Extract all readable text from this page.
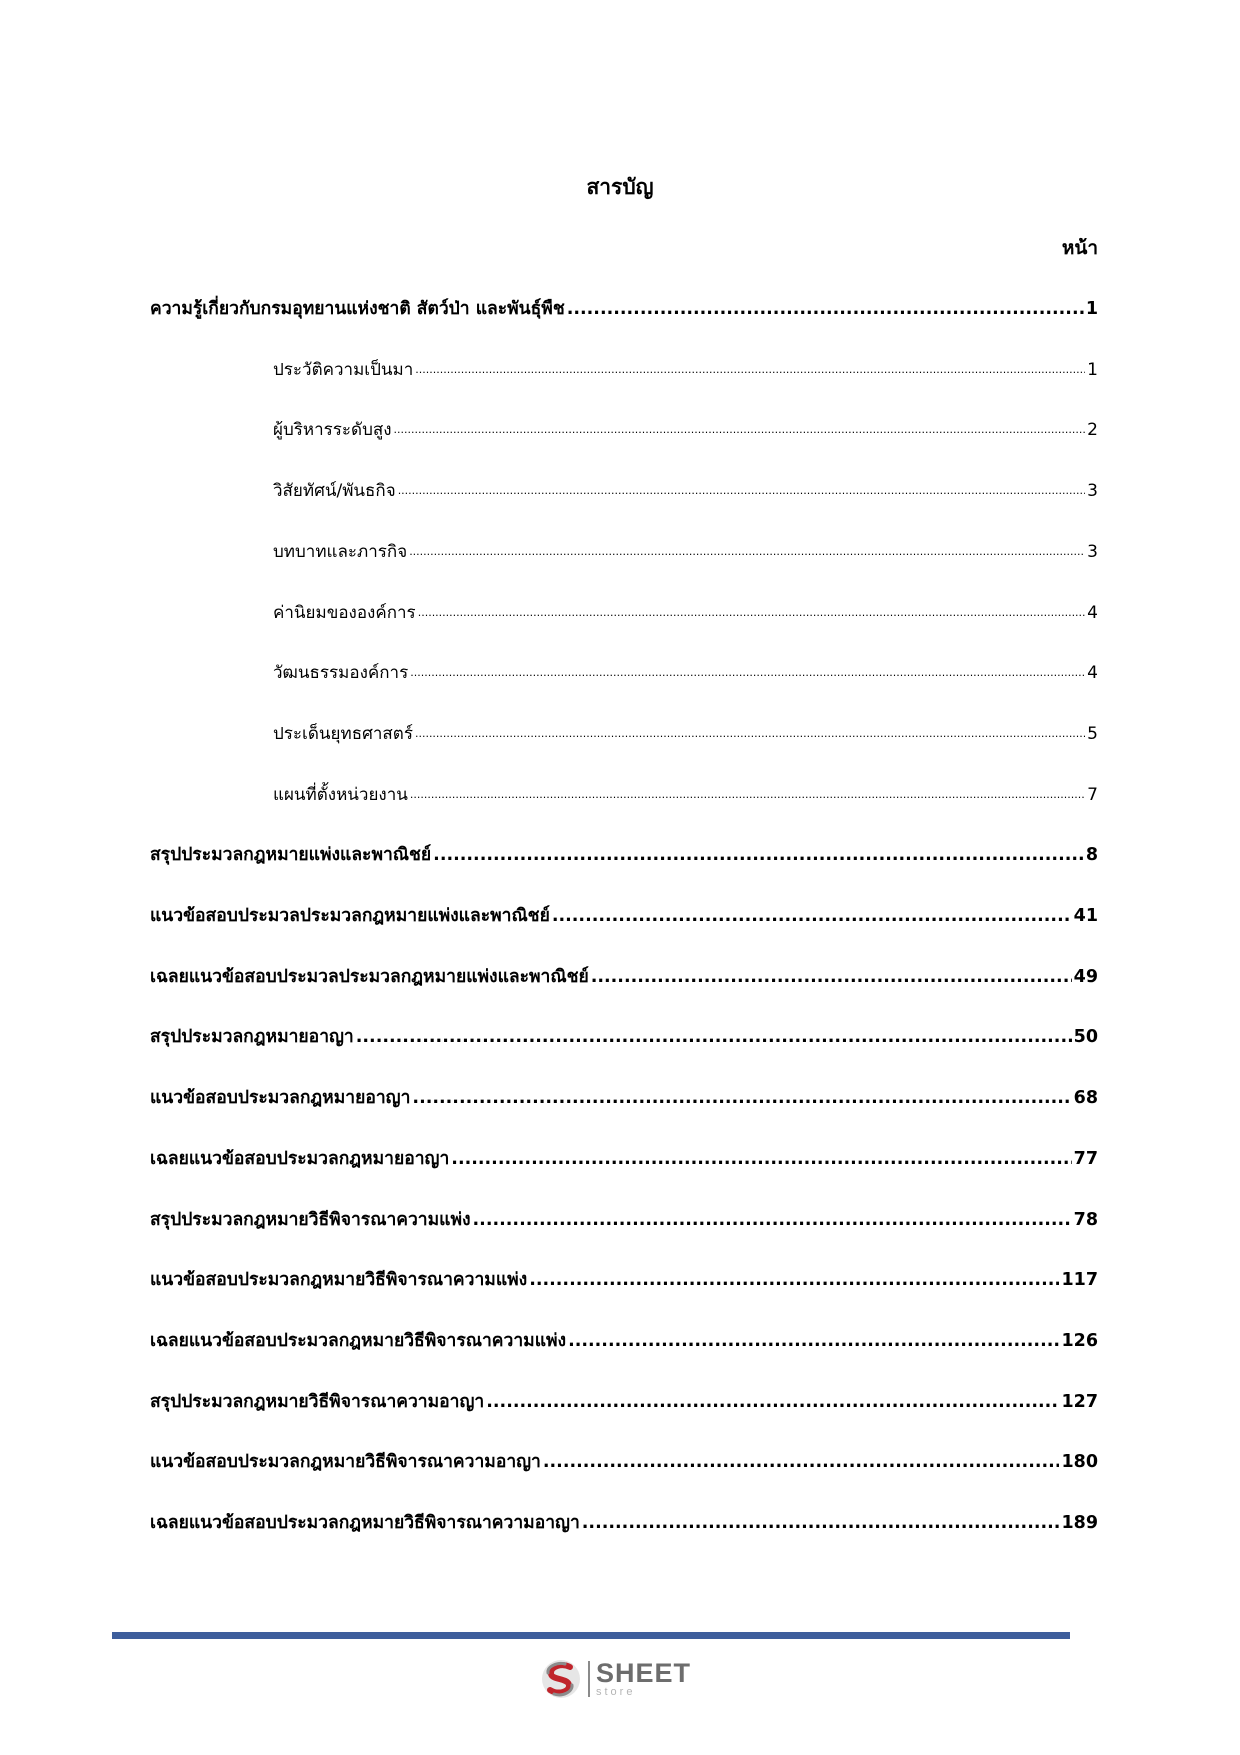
สารบัญ
หน้า
ความรู้เกี่ยวกับกรมอุทยานแห่งชาติ สัตว์ป่า และพันธุ์พืช .....	1
ประวัติความเป็นมา .....	1
ผู้บริหารระดับสูง .....	2
วิสัยทัศน์/พันธกิจ .....	3
บทบาทและภารกิจ .....	3
ค่านิยมขององค์การ .....	4
วัฒนธรรมองค์การ .....	4
ประเด็นยุทธศาสตร์ .....	5
แผนที่ตั้งหน่วยงาน .....	7
สรุปประมวลกฎหมายแพ่งและพาณิชย์ .....	8
แนวข้อสอบประมวลประมวลกฎหมายแพ่งและพาณิชย์ .....	41
เฉลยแนวข้อสอบประมวลประมวลกฎหมายแพ่งและพาณิชย์ .....	49
สรุปประมวลกฎหมายอาญา .....	50
แนวข้อสอบประมวลกฎหมายอาญา .....	68
เฉลยแนวข้อสอบประมวลกฎหมายอาญา .....	77
สรุปประมวลกฎหมายวิธีพิจารณาความแพ่ง .....	78
แนวข้อสอบประมวลกฎหมายวิธีพิจารณาความแพ่ง .....	117
เฉลยแนวข้อสอบประมวลกฎหมายวิธีพิจารณาความแพ่ง .....	126
สรุปประมวลกฎหมายวิธีพิจารณาความอาญา .....	127
แนวข้อสอบประมวลกฎหมายวิธีพิจารณาความอาญา .....	180
เฉลยแนวข้อสอบประมวลกฎหมายวิธีพิจารณาความอาญา .....	189
SHEET
store
